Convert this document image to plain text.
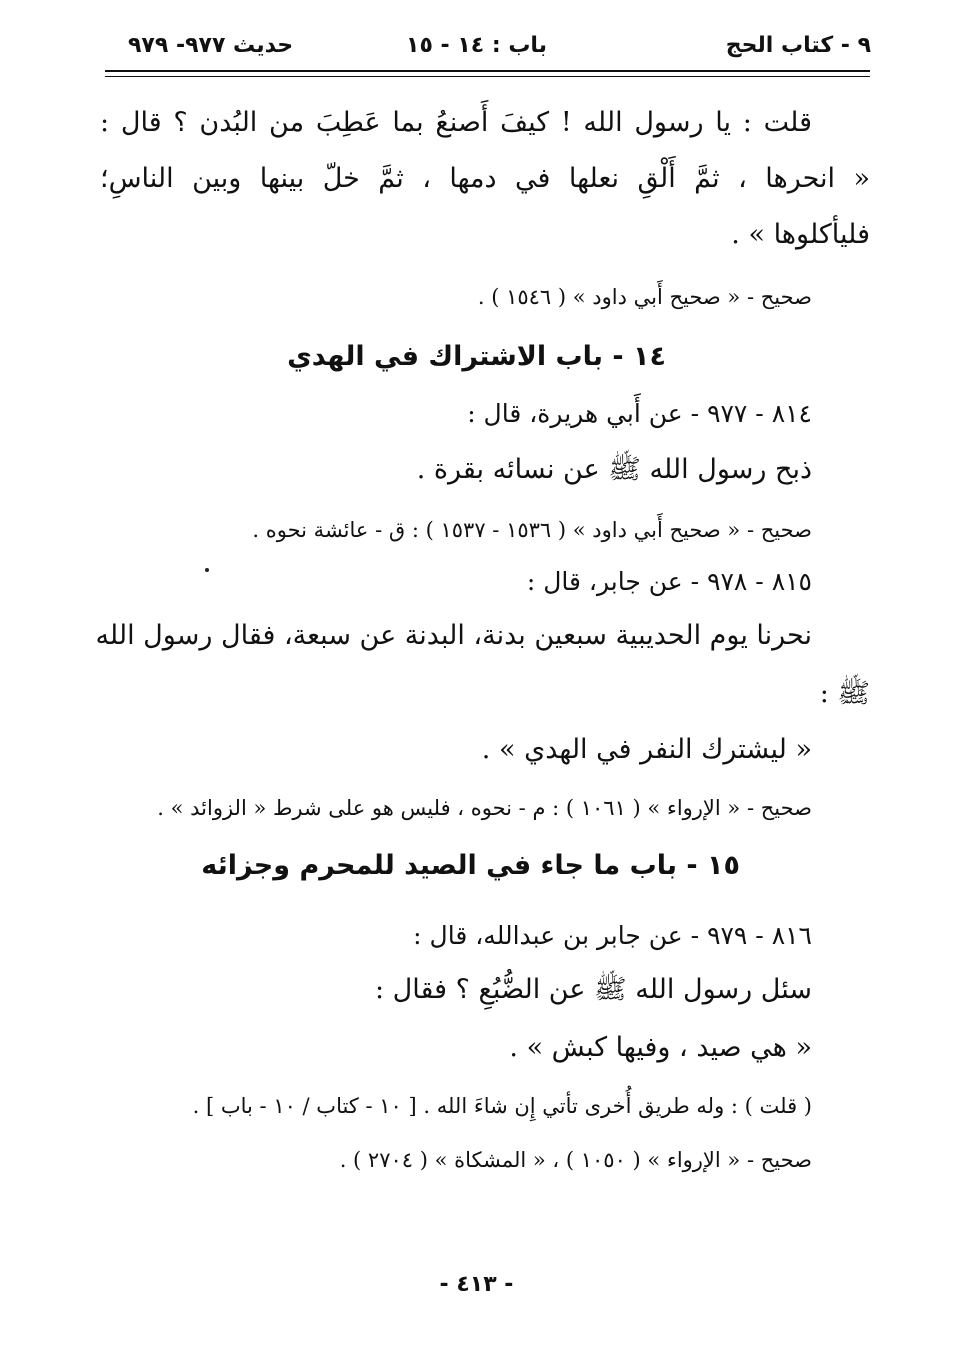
٩ - كتاب الحج
باب : ١٤ - ١٥
حديث ٩٧٧- ٩٧٩
قلت : يا رسول الله ! كيفَ أَصنعُ بما عَطِبَ من البُدن ؟ قال :
« انحرها ، ثمَّ أَلْقِ نعلها في دمها ، ثمَّ خلّ بينها وبين الناسِ؛
فليأكلوها » .
صحيح - « صحيح أَبي داود » ( ١٥٤٦ ) .
١٤ - باب الاشتراك في الهدي
٨١٤ - ٩٧٧ - عن أَبي هريرة، قال :
ذبح رسول الله ﷺ عن نسائه بقرة .
صحيح - « صحيح أَبي داود » ( ١٥٣٦ - ١٥٣٧ ) : ق - عائشة نحوه .
٨١٥ - ٩٧٨ - عن جابر، قال :
نحرنا يوم الحديبية سبعين بدنة، البدنة عن سبعة، فقال رسول الله
ﷺ :
« ليشترك النفر في الهدي » .
صحيح - « الإرواء » ( ١٠٦١ ) : م - نحوه ، فليس هو على شرط « الزوائد » .
١٥ - باب ما جاء في الصيد للمحرم وجزائه
٨١٦ - ٩٧٩ - عن جابر بن عبدالله، قال :
سئل رسول الله ﷺ عن الضُّبُعِ ؟ فقال :
« هي صيد ، وفيها كبش » .
( قلت ) : وله طريق أُخرى تأتي إِن شاءَ الله . [ ١٠ - كتاب / ١٠ - باب ] .
صحيح - « الإرواء » ( ١٠٥٠ ) ، « المشكاة » ( ٢٧٠٤ ) .
- ٤١٣ -
